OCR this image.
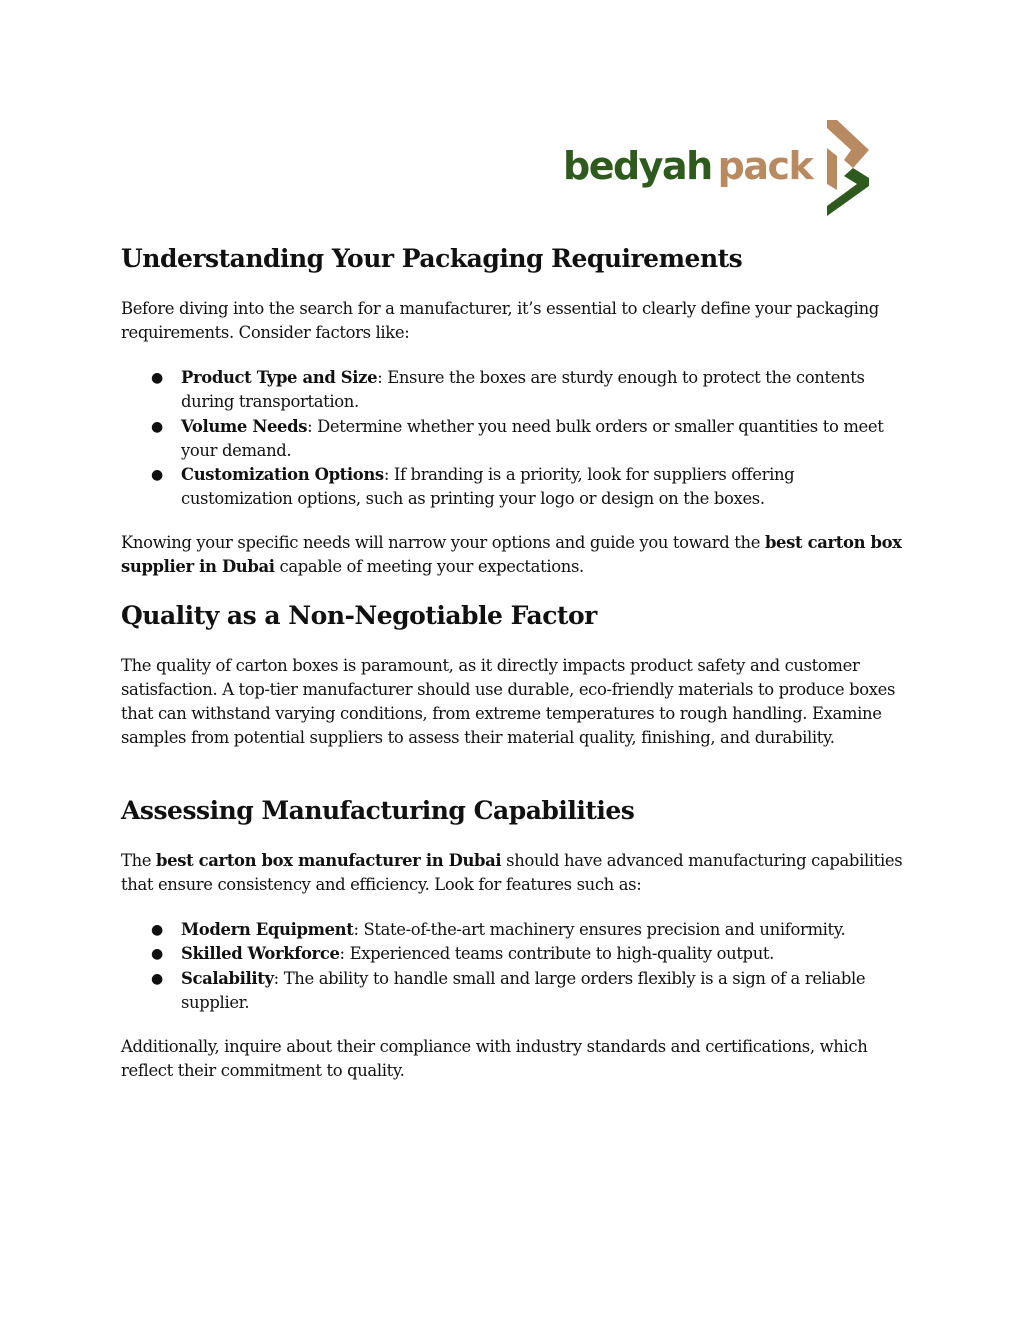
bedyah pack
Understanding Your Packaging Requirements

Before diving into the search for a manufacturer, it’s essential to clearly define your packaging requirements. Consider factors like:

● Product Type and Size: Ensure the boxes are sturdy enough to protect the contents during transportation.
● Volume Needs: Determine whether you need bulk orders or smaller quantities to meet your demand.
● Customization Options: If branding is a priority, look for suppliers offering customization options, such as printing your logo or design on the boxes.

Knowing your specific needs will narrow your options and guide you toward the best carton box supplier in Dubai capable of meeting your expectations.

Quality as a Non-Negotiable Factor

The quality of carton boxes is paramount, as it directly impacts product safety and customer satisfaction. A top-tier manufacturer should use durable, eco-friendly materials to produce boxes that can withstand varying conditions, from extreme temperatures to rough handling. Examine samples from potential suppliers to assess their material quality, finishing, and durability.

Assessing Manufacturing Capabilities

The best carton box manufacturer in Dubai should have advanced manufacturing capabilities that ensure consistency and efficiency. Look for features such as:

● Modern Equipment: State-of-the-art machinery ensures precision and uniformity.
● Skilled Workforce: Experienced teams contribute to high-quality output.
● Scalability: The ability to handle small and large orders flexibly is a sign of a reliable supplier.

Additionally, inquire about their compliance with industry standards and certifications, which reflect their commitment to quality.
